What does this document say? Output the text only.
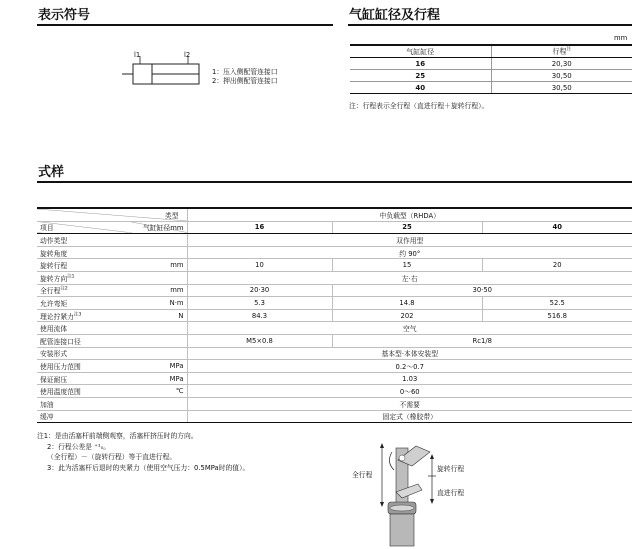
表示符号
l1	l2
1：压入侧配管连接口
2：押出侧配管连接口
气缸缸径及行程
mm
气缸缸径	行程$^注$
16	20,30
25	30,50
40	30,50
注：行程表示全行程（直进行程＋旋转行程）。
式样
类型		中负载型（RHDA）		
项目	气缸缸径mm	16	25	40
动作类型		双作用型		
旋转角度		约 90°		
旋转行程	mm	10	15	20
旋转方向$^{注1}$		左·右		
全行程$^{注2}$	mm	20·30	30·50	
允许弯矩	N·m	5.3	14.8	52.5
理论拧紧力$^{注3}$	N	84.3	202	516.8
使用流体		空气		
配管连接口径		M5×0.8	Rc1/8	
安装形式		基本型·本体安装型		
使用压力范围	MPa	0.2～0.7		
保证耐压	MPa	1.03		
使用温度范围	℃	0～60		
加油		不需要		
缓冲		固定式（橡胶带）		
注1：是由活塞杆前端侧观察，活塞杆挤压时的方向。
2：行程公差是 ⁺¹₀。
（全行程）－（旋转行程）等于直进行程。
3：此为活塞杆后退时的夹紧力（使用空气压力：0.5MPa时的值）。
全行程
旋转行程
直进行程
